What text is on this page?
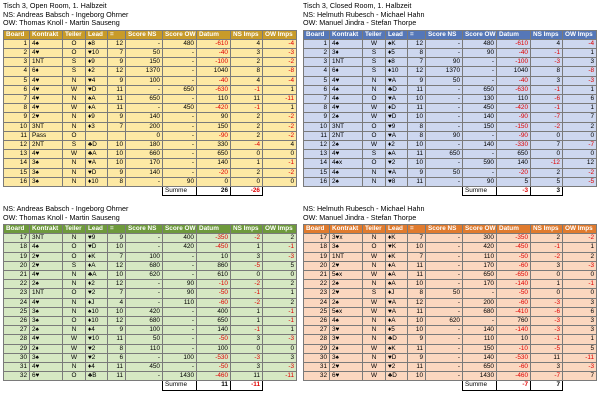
Tisch 3, Open Room, 1. Halbzeit
NS: Andreas Babsch - Ingeborg Ohrner
OW: Thomas Knoll - Martin Sauseng
Board	Kontrakt	Teiler	Lead	=	Score NS	Score OW	Datum	NS Imps	OW Imps
1	4♠	O	♠8	12	-	480	-610	4	-4
2	4♥	O	♥10	7	50	-	-40	3	-3
3	1NT	S	♦9	9	150	-	-100	2	-2
4	6♦	S	♦2	12	1370	-	1040	8	-8
5	4♥	N	♥4	9	100	-	-40	4	-4
6	4♥	W	♥D	11	-	650	-630	-1	1
7	4♥	N	♠A	11	650	-	110	11	-11
8	4♥	W	♦A	11	-	450	-420	-1	1
9	2♥	N	♦9	9	140	-	90	2	-2
10	3NT	N	♦3	7	200	-	150	2	-2
11	Pass	O			0	-	-90	2	-2
12	2NT	S	♣D	10	180	-	330	-4	4
13	4♥	W	♣A	10	660	-	650	0	0
14	3♠	N	♥A	10	170	-	140	1	-1
15	3♠	N	♥D	9	140	-	-20	2	-2
16	3♠	N	♦10	8	-	90	0	0	0
						Summe	26	-26	
Tisch 3, Closed Room, 1. Halbzeit
NS: Helmuth Rubesch - Michael Hahn
OW: Manuel Jindra - Stefan Thorpe
Board	Kontrakt	Teiler	Lead	=	Score NS	Score OW	Datum	NS Imps	OW Imps
1	4♠	W	♠K	12	-	480	-610	4	-4
2	3♦	S	♦5	8	-	90	-40	-1	1
3	1NT	S	♦8	7	90	-	-100	-3	3
4	6♦	S	♦10	12	1370	-	1040	8	-8
5	4♥	N	♥A	9	50	-	-40	3	-3
6	4♠	N	♣D	11	-	650	-630	-1	1
7	4♠	O	♥A	10	-	130	110	-6	6
8	4♥	W	♦D	11	-	450	-420	-1	1
9	2♠	W	♥D	10	-	140	-90	-7	7
10	3NT	O	♥9	8	-	150	-150	-2	2
11	2NT	O	♥A	8	90	-	-90	0	0
12	2♠	W	♦2	10	-	140	-330	7	-7
13	4♥	S	♠A	11	650	-	650	0	0
14	4♠x	O	♥2	10	-	590	140	-12	12
15	4♠	N	♥A	9	50	-	-20	2	-2
16	2♠	N	♥8	11	-	90	5	5	-5
						Summe	-3	3	
NS: Andreas Babsch - Ingeborg Ohrner
OW: Thomas Knoll - Martin Sauseng
Board	Kontrakt	Teiler	Lead	=	Score NS	Score OW	Datum	NS Imps	OW Imps
17	3NT	N	♥9	9	-	400	-350	-2	2
18	4♠	O	♥D	10	-	420	-450	1	-1
19	2♥	O	♦K	7	100	-	10	3	-3
20	2♥	S	♦A	12	680	-	860	-5	5
21	4♥	N	♣A	10	620	-	610	0	0
22	2♠	N	♦2	12	-	90	-10	-2	2
23	1NT	O	♥2	7	-	90	-50	-1	1
24	4♥	N	♦J	4	-	110	-60	-2	2
25	3♠	N	♠10	10	420	-	400	1	-1
26	3♠	O	♦10	12	680	-	650	1	-1
27	2♠	N	♦4	9	100	-	140	-1	1
28	4♥	W	♥10	11	50	-	-50	3	-3
29	2♦	W	♥2	8	110	-	100	0	0
30	3♠	W	♥2	6	-	100	-530	-3	3
31	4♥	N	♦4	11	450	-	-50	3	-3
32	6♥	O	♣B	11	-	1430	-460	11	-11
						Summe	11	-11	
NS: Helmuth Rubesch - Michael Hahn
OW: Manuel Jindra - Stefan Thorpe
Board	Kontrakt	Teiler	Lead	=	Score NS	Score OW	Datum	NS Imps	OW Imps
17	3♥x	N	♦K	7	-	300	-350	2	-2
18	3♠	O	♥K	10	-	420	-450	-1	1
19	1NT	W	♦K	7	-	110	-50	-2	2
20	2♥	N	♦A	11	-	170	-60	3	-3
21	5♠x	W	♠A	11	-	650	-650	0	0
22	2♠	N	♠A	10	-	170	-140	1	-1
23	2♥	S	♦J	8	50	-	-50	0	0
24	2♠	W	♥A	12	-	200	-60	-3	3
25	5♠x	W	♥A	11	-	680	-410	-6	6
26	4♠	N	♦A	10	620	-	760	-3	3
27	3♥	N	♦5	10	-	140	-140	-3	3
28	3♥	N	♣D	9	-	110	10	-1	1
29	2♦	W	♠K	11	-	150	-10	-5	5
30	3♠	N	♥D	9	-	140	-530	11	-11
31	2♥	W	♥2	11	-	650	-60	3	-3
32	6♥	W	♣D	10	-	1430	-460	-7	7
						Summe	-7	7	
